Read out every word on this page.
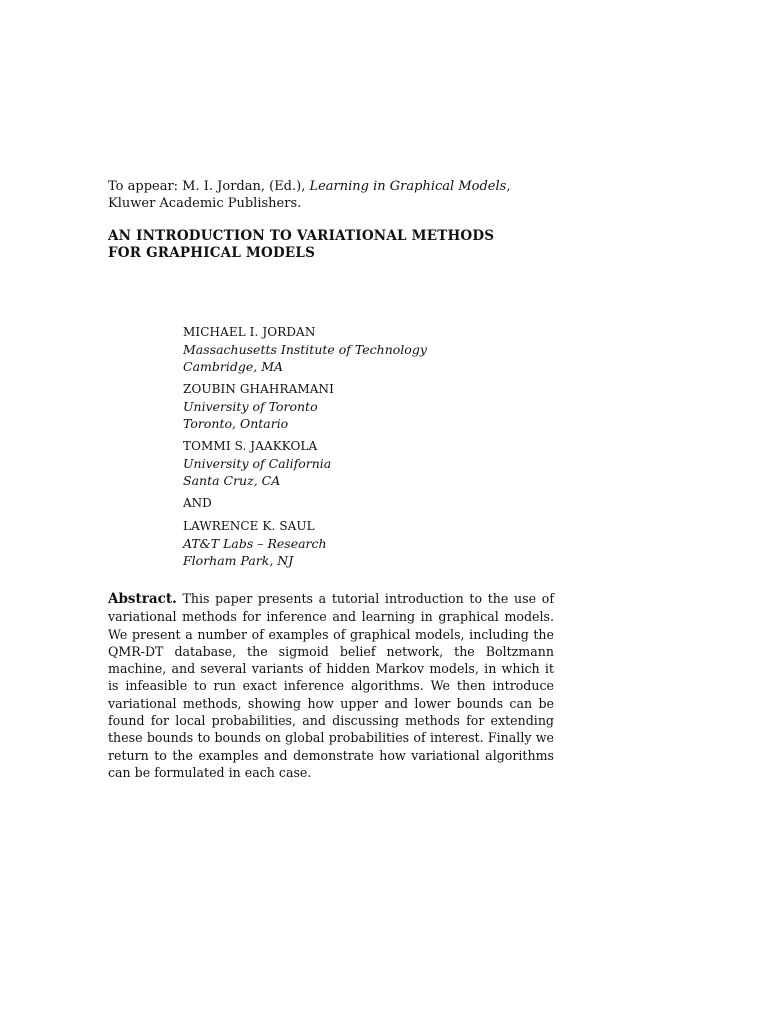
To appear: M. I. Jordan, (Ed.), Learning in Graphical Models, Kluwer Academic Publishers.

AN INTRODUCTION TO VARIATIONAL METHODS
FOR GRAPHICAL MODELS
MICHAEL I. JORDAN
Massachusetts Institute of Technology
Cambridge, MA
ZOUBIN GHAHRAMANI
University of Toronto
Toronto, Ontario
TOMMI S. JAAKKOLA
University of California
Santa Cruz, CA
AND
LAWRENCE K. SAUL
AT&T Labs – Research
Florham Park, NJ

Abstract. This paper presents a tutorial introduction to the use of variational methods for inference and learning in graphical models. We present a number of examples of graphical models, including the QMR-DT database, the sigmoid belief network, the Boltzmann machine, and several variants of hidden Markov models, in which it is infeasible to run exact inference algorithms. We then introduce variational methods, showing how upper and lower bounds can be found for local probabilities, and discussing methods for extending these bounds to bounds on global probabilities of interest. Finally we return to the examples and demonstrate how variational algorithms can be formulated in each case.
